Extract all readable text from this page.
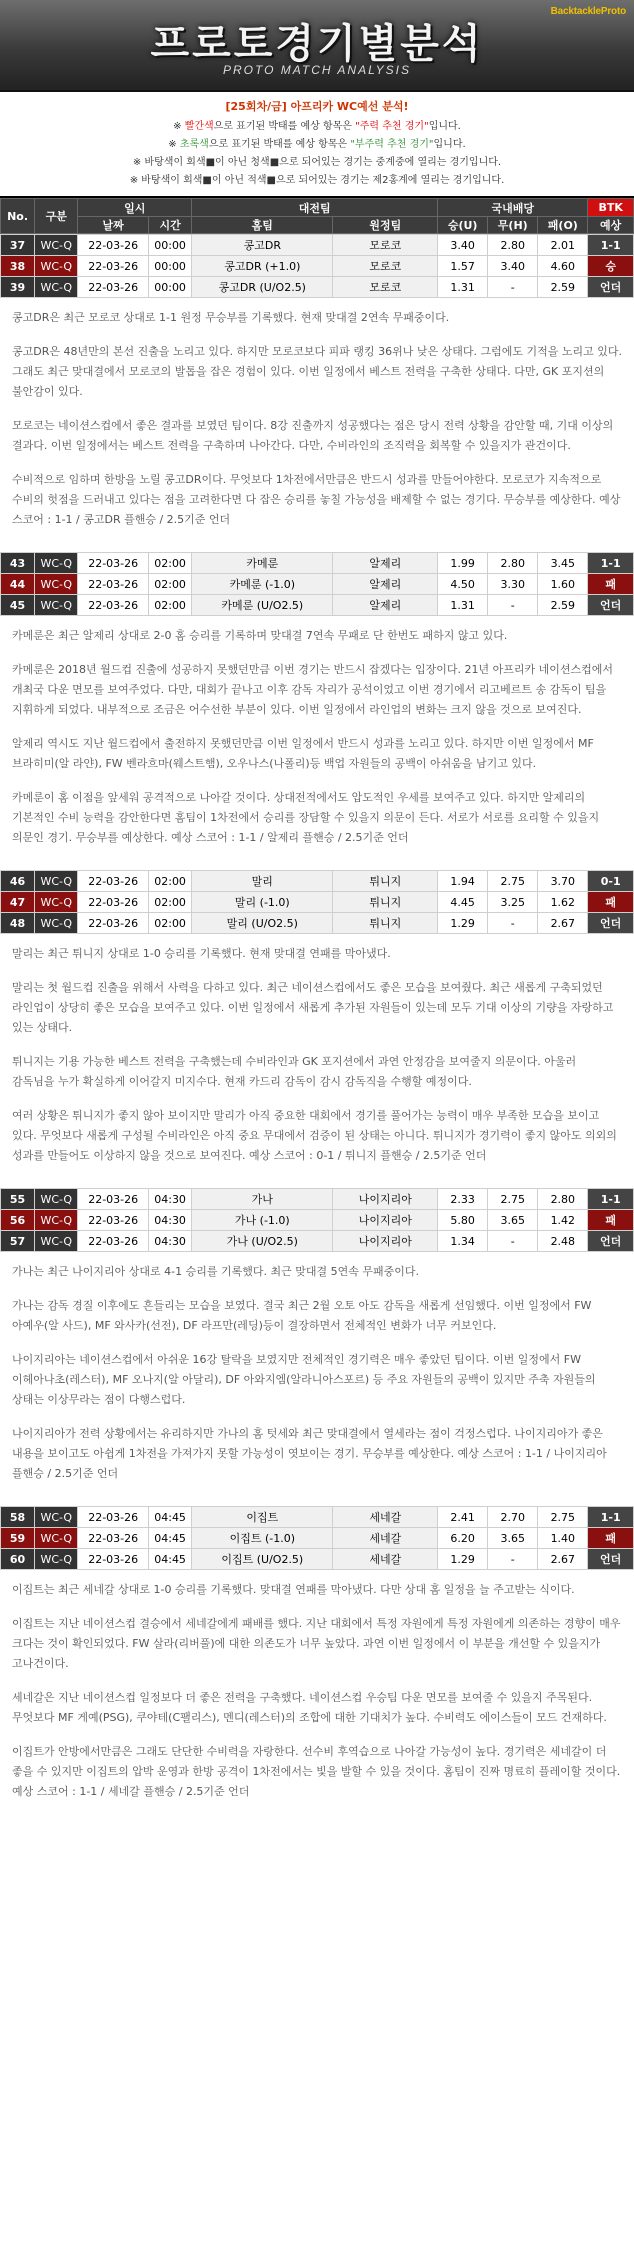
BacktackleProto
프로토경기별분석
PROTO MATCH ANALYSIS
[25회차/금] 아프리카 WC예선 분석!
※ 빨간색으로 표기된 박태를 예상 항목은 "주력 추천 경기"입니다.
※ 초록색으로 표기된 박태를 예상 항목은 "부주력 추천 경기"입니다.
※ 바탕색이 회색■이 아닌 청색■으로 되어있는 경기는 중계중에 열리는 경기입니다.
※ 바탕색이 회색■이 아닌 적색■으로 되어있는 경기는 제2홍계에 열리는 경기입니다.
No.	구분	일시		대전팀		국내배당			BTK
		날짜	시간	홈팀	원정팀	승(U)	무(H)	패(O)	예상
37	WC-Q	22-03-26	00:00	콩고DR	모로코	3.40	2.80	2.01	1-1
38	WC-Q	22-03-26	00:00	콩고DR (+1.0)	모로코	1.57	3.40	4.60	승
39	WC-Q	22-03-26	00:00	콩고DR (U/O2.5)	모로코	1.31	-	2.59	언더

콩고DR은 최근 모로코 상대로 1-1 원정 무승부를 기록했다. 현재 맞대결 2연속 무패중이다.

콩고DR은 48년만의 본선 진출을 노리고 있다. 하지만 모로코보다 피파 랭킹 36위나 낮은 상태다. 그럼에도 기적을 노리고 있다. 그래도 최근 맞대결에서 모로코의 발톱을 잡은 경험이 있다. 이번 일정에서 베스트 전력을 구축한 상태다. 다만, GK 포지션의 불안감이 있다.

모로코는 네이션스컵에서 좋은 결과를 보였던 팀이다. 8강 진출까지 성공했다는 점은 당시 전력 상황을 감안할 때, 기대 이상의 결과다. 이번 일정에서는 베스트 전력을 구축하며 나아간다. 다만, 수비라인의 조직력을 회복할 수 있을지가 관건이다.

수비적으로 임하며 한방을 노릴 콩고DR이다. 무엇보다 1차전에서만큼은 반드시 성과를 만들어야한다. 모로코가 지속적으로 수비의 헛점을 드러내고 있다는 점을 고려한다면 다 잡은 승리를 놓칠 가능성을 배제할 수 없는 경기다. 무승부를 예상한다. 예상 스코어 : 1-1 / 콩고DR 플핸승 / 2.5기준 언더

43	WC-Q	22-03-26	02:00	카메룬	알제리	1.99	2.80	3.45	1-1
44	WC-Q	22-03-26	02:00	카메룬 (-1.0)	알제리	4.50	3.30	1.60	패
45	WC-Q	22-03-26	02:00	카메룬 (U/O2.5)	알제리	1.31	-	2.59	언더

카메룬은 최근 알제리 상대로 2-0 홈 승리를 기록하며 맞대결 7연속 무패로 단 한번도 패하지 않고 있다.

카메룬은 2018년 월드컵 진출에 성공하지 못했던만큼 이번 경기는 반드시 잡겠다는 입장이다. 21년 아프리카 네이션스컵에서 개최국 다운 면모를 보여주었다. 다만, 대회가 끝나고 이후 감독 자리가 공석이었고 이번 경기에서 리고베르트 송 감독이 팀을 지휘하게 되었다. 내부적으로 조금은 어수선한 부분이 있다. 이번 일정에서 라인업의 변화는 크지 않을 것으로 보여진다.

알제리 역시도 지난 월드컵에서 출전하지 못했던만큼 이번 일정에서 반드시 성과를 노리고 있다. 하지만 이번 일정에서 MF 브라히미(알 라얀), FW 벤라흐마(웨스트햄), 오우나스(나폴리)등 백업 자원들의 공백이 아쉬움을 남기고 있다.

카메룬이 홈 이점을 앞세워 공격적으로 나아갈 것이다. 상대전적에서도 압도적인 우세를 보여주고 있다. 하지만 알제리의 기본적인 수비 능력을 감안한다면 홈팀이 1차전에서 승리를 장담할 수 있을지 의문이 든다. 서로가 서로를 요리할 수 있을지 의문인 경기. 무승부를 예상한다. 예상 스코어 : 1-1 / 알제리 플핸승 / 2.5기준 언더

46	WC-Q	22-03-26	02:00	말리	튀니지	1.94	2.75	3.70	0-1
47	WC-Q	22-03-26	02:00	말리 (-1.0)	튀니지	4.45	3.25	1.62	패
48	WC-Q	22-03-26	02:00	말리 (U/O2.5)	튀니지	1.29	-	2.67	언더

말리는 최근 튀니지 상대로 1-0 승리를 기록했다. 현재 맞대결 연패를 막아냈다.

말리는 첫 월드컵 진출을 위해서 사력을 다하고 있다. 최근 네이션스컵에서도 좋은 모습을 보여줬다. 최근 새롭게 구축되었던 라인업이 상당히 좋은 모습을 보여주고 있다. 이번 일정에서 새롭게 추가된 자원들이 있는데 모두 기대 이상의 기량을 자랑하고 있는 상태다.

튀니지는 기용 가능한 베스트 전력을 구축했는데 수비라인과 GK 포지션에서 과연 안정감을 보여줄지 의문이다. 아울러 감독님을 누가 확실하게 이어갈지 미지수다. 현재 카드리 감독이 감시 감독직을 수행할 예정이다.

여러 상황은 튀니지가 좋지 않아 보이지만 말리가 아직 중요한 대회에서 경기를 풀어가는 능력이 매우 부족한 모습을 보이고 있다. 무엇보다 새롭게 구성될 수비라인은 아직 중요 무대에서 검증이 된 상태는 아니다. 튀니지가 경기력이 좋지 않아도 의외의 성과를 만들어도 이상하지 않을 것으로 보여진다. 예상 스코어 : 0-1 / 튀니지 플핸승 / 2.5기준 언더

55	WC-Q	22-03-26	04:30	가나	나이지리아	2.33	2.75	2.80	1-1
56	WC-Q	22-03-26	04:30	가나 (-1.0)	나이지리아	5.80	3.65	1.42	패
57	WC-Q	22-03-26	04:30	가나 (U/O2.5)	나이지리아	1.34	-	2.48	언더

가나는 최근 나이지리아 상대로 4-1 승리를 기록했다. 최근 맞대결 5연속 무패중이다.

가나는 감독 경질 이후에도 흔들리는 모습을 보였다. 결국 최근 2월 오토 아도 감독을 새롭게 선임했다. 이번 일정에서 FW 아예우(알 사드), MF 와사카(선전), DF 라프만(레딩)등이 결장하면서 전체적인 변화가 너무 커보인다.

나이지리아는 네이션스컵에서 아쉬운 16강 탈락을 보였지만 전체적인 경기력은 매우 좋았던 팀이다. 이번 일정에서 FW 이헤아나초(레스터), MF 오나지(알 아달리), DF 아와지엠(알라니아스포르) 등 주요 자원들의 공백이 있지만 주축 자원들의 상태는 이상무라는 점이 다행스럽다.

나이지리아가 전력 상황에서는 유리하지만 가나의 홈 텃세와 최근 맞대결에서 열세라는 점이 걱정스럽다. 나이지리아가 좋은 내용을 보이고도 아쉽게 1차전을 가져가지 못할 가능성이 엿보이는 경기. 무승부를 예상한다. 예상 스코어 : 1-1 / 나이지리아 플핸승 / 2.5기준 언더

58	WC-Q	22-03-26	04:45	이집트	세네갈	2.41	2.70	2.75	1-1
59	WC-Q	22-03-26	04:45	이집트 (-1.0)	세네갈	6.20	3.65	1.40	패
60	WC-Q	22-03-26	04:45	이집트 (U/O2.5)	세네갈	1.29	-	2.67	언더

이집트는 최근 세네갈 상대로 1-0 승리를 기록했다. 맞대결 연패를 막아냈다. 다만 상대 홈 일정을 늘 주고받는 식이다.

이집트는 지난 네이션스컵 결승에서 세네갈에게 패배를 했다. 지난 대회에서 특정 자원에게 특정 자원에게 의존하는 경향이 매우 크다는 것이 확인되었다. FW 살라(리버풀)에 대한 의존도가 너무 높았다. 과연 이번 일정에서 이 부분을 개선할 수 있을지가 고나건이다.

세네갈은 지난 네이션스컵 일정보다 더 좋은 전력을 구축했다. 네이션스컵 우승팀 다운 면모를 보여줄 수 있을지 주목된다. 무엇보다 MF 게예(PSG), 쿠야테(C팰리스), 멘디(레스터)의 조합에 대한 기대치가 높다. 수비력도 에이스들이 모드 건재하다.

이집트가 안방에서만큼은 그래도 단단한 수비력을 자랑한다. 선수비 후역습으로 나아갈 가능성이 높다. 경기력은 세네갈이 더 좋을 수 있지만 이집트의 압박 운영과 한방 공격이 1차전에서는 빛을 발할 수 있을 것이다. 홈팀이 진짜 명료히 플레이할 것이다. 예상 스코어 : 1-1 / 세네갈 플핸승 / 2.5기준 언더
